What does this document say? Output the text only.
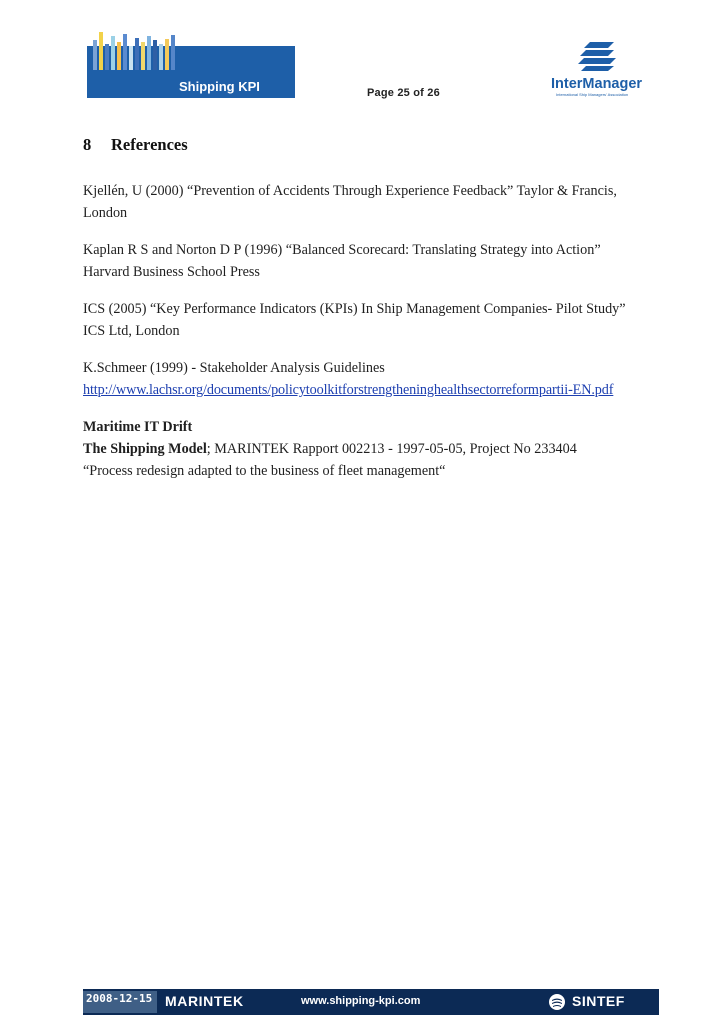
Shipping KPI	Page 25 of 26
InterManager
International Ship Managers' Association
8 References
Kjellén, U (2000) “Prevention of Accidents Through Experience Feedback” Taylor & Francis,
London
Kaplan R S and Norton D P (1996) “Balanced Scorecard: Translating Strategy into Action”
Harvard Business School Press
ICS (2005) “Key Performance Indicators (KPIs) In Ship Management Companies- Pilot Study”
ICS Ltd, London
K.Schmeer (1999) - Stakeholder Analysis Guidelines
http://www.lachsr.org/documents/policytoolkitforstrengtheninghealthsectorreformpartii-EN.pdf
Maritime IT Drift
The Shipping Model; MARINTEK Rapport 002213 - 1997-05-05, Project No 233404
“Process redesign adapted to the business of fleet management“
2008-12-15 MARINTEK	www.shipping-kpi.com	SINTEF
